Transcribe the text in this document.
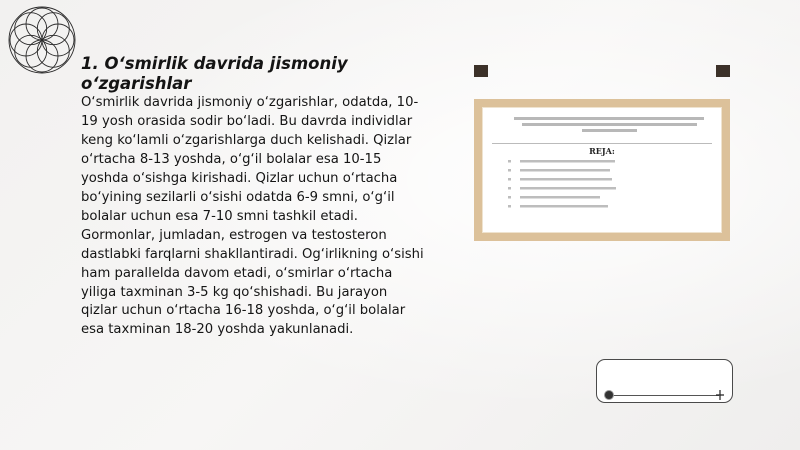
1. O‘smirlik davrida jismoniy o‘zgarishlar

O‘smirlik davrida jismoniy o‘zgarishlar, odatda, 10-19 yosh orasida sodir bo‘ladi. Bu davrda individlar keng ko‘lamli o‘zgarishlarga duch kelishadi. Qizlar o‘rtacha 8-13 yoshda, o‘g‘il bolalar esa 10-15 yoshda o‘sishga kirishadi. Qizlar uchun o‘rtacha bo‘yining sezilarli o‘sishi odatda 6-9 smni, o‘g‘il bolalar uchun esa 7-10 smni tashkil etadi. Gormonlar, jumladan, estrogen va testosteron dastlabki farqlarni shakllantiradi. Og‘irlikning o‘sishi ham parallelda davom etadi, o‘smirlar o‘rtacha yiliga taxminan 3-5 kg qo‘shishadi. Bu jarayon qizlar uchun o‘rtacha 16-18 yoshda, o‘g‘il bolalar esa taxminan 18-20 yoshda yakunlanadi.

REJA:
